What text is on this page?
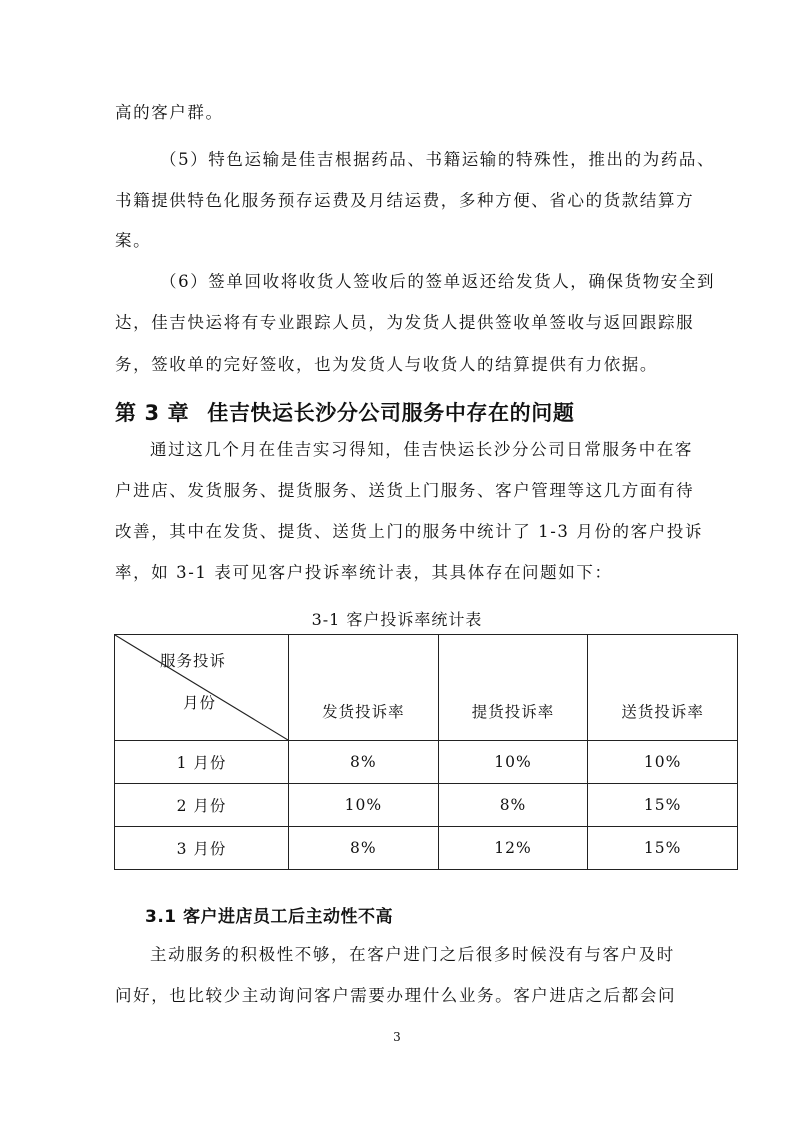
高的客户群。
（5）特色运输是佳吉根据药品、书籍运输的特殊性，推出的为药品、
书籍提供特色化服务预存运费及月结运费，多种方便、省心的货款结算方
案。
（6）签单回收将收货人签收后的签单返还给发货人，确保货物安全到
达，佳吉快运将有专业跟踪人员，为发货人提供签收单签收与返回跟踪服
务，签收单的完好签收，也为发货人与收货人的结算提供有力依据。
第 3 章 佳吉快运长沙分公司服务中存在的问题
通过这几个月在佳吉实习得知，佳吉快运长沙分公司日常服务中在客
户进店、发货服务、提货服务、送货上门服务、客户管理等这几方面有待
改善，其中在发货、提货、送货上门的服务中统计了 1-3 月份的客户投诉
率，如 3-1 表可见客户投诉率统计表，其具体存在问题如下：
3-1 客户投诉率统计表
服务投诉
月份	发货投诉率	提货投诉率	送货投诉率
1 月份	8%	10%	10%
2 月份	10%	8%	15%
3 月份	8%	12%	15%
3.1 客户进店员工后主动性不高
主动服务的积极性不够，在客户进门之后很多时候没有与客户及时
问好，也比较少主动询问客户需要办理什么业务。客户进店之后都会问
3
